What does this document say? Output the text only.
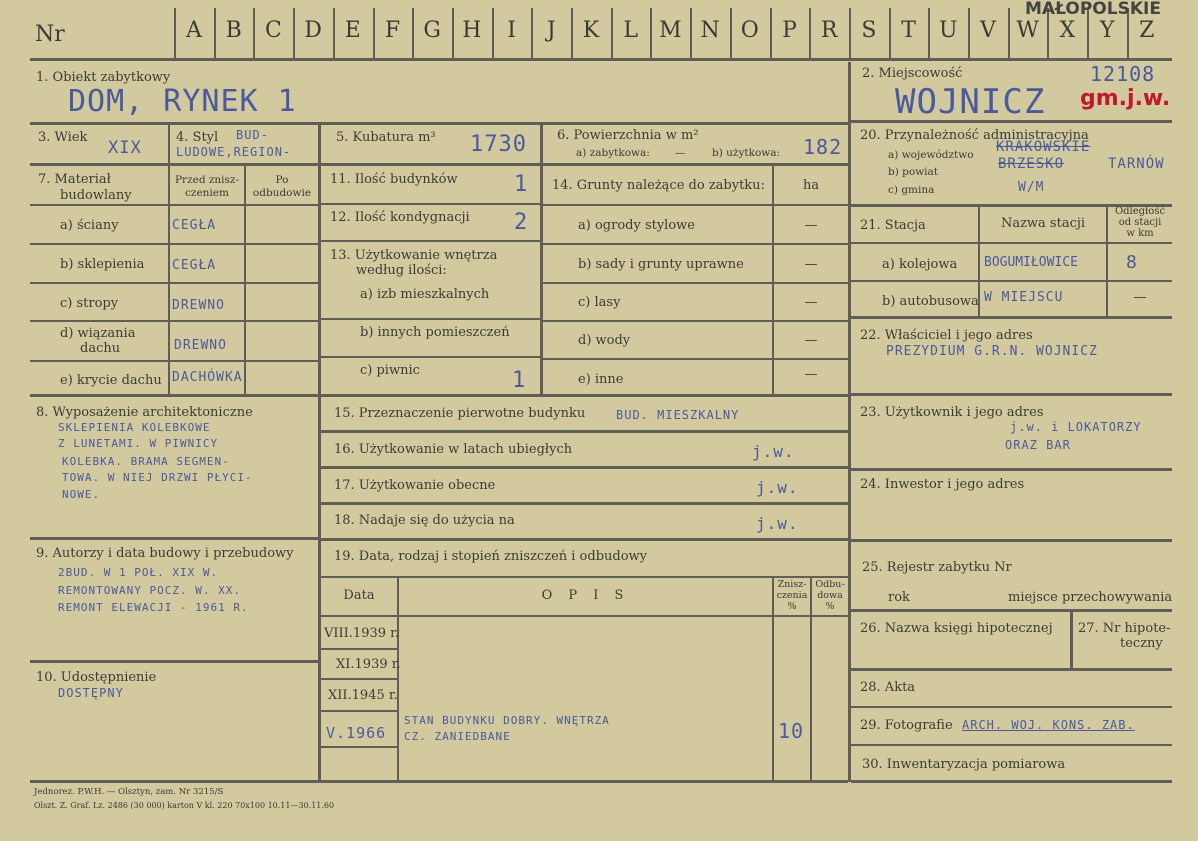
Nr	A	B	C	D	E	F	G H	I	J	K	L M N O	P	R	S	T	U	V W X	Y	Z
MAŁOPOLSKIE
1. Obiekt zabytkowy
DOM, RYNEK 1
2. Miejscowość	12108
WOJNICZ gm.j.w.
3. Wiek
XIX
4. Styl BUD-
LUDOWE,REGION-
5. Kubatura m³ 1730 6. Powierzchnia w m²
a) zabytkowa: —	b) użytkowa: 182
7. Materiał
budowlany
Przed znisz-
czeniem
Po
odbudowie
a) ściany	CEGŁA
b) sklepienia CEGŁA
c) stropy	DREWNO
d) wiązania
dachu	DREWNO
e) krycie dachu DACHÓWKA
11. Ilość budynków	1
12. Ilość kondygnacji 2
13. Użytkowanie wnętrza
według ilości:
a) izb mieszkalnych
b) innych pomieszczeń
c) piwnic	1
14. Grunty należące do zabytku:	ha
a) ogrody stylowe	—
b) sady i grunty uprawne	—
c) lasy	—
d) wody	—
e) inne	—
20. Przynależność administracyjna
a) województwo KRAKOWSKIE
b) powiat	BRZESKO	TARNÓW
c) gmina	W/M
21. Stacja	Nazwa stacji
Odległość
od stacji
w km
a) kolejowa BOGUMIŁOWICE	8
b) autobusowa W MIEJSCU	—
22. Właściciel i jego adres
PREZYDIUM G.R.N. WOJNICZ
23. Użytkownik i jego adres
j.w. i LOKATORZY
ORAZ BAR
24. Inwestor i jego adres
25. Rejestr zabytku Nr
rok	miejsce przechowywania
26. Nazwa księgi hipotecznej 27. Nr hipote-
teczny
28. Akta
29. Fotografie ARCH. WOJ. KONS. ZAB.
30. Inwentaryzacja pomiarowa
8. Wyposażenie architektoniczne
SKLEPIENIA KOLEBKOWE
Z LUNETAMI. W PIWNICY
KOLEBKA. BRAMA SEGMEN-
TOWA. W NIEJ DRZWI PŁYCI-
NOWE.
9. Autorzy i data budowy i przebudowy
2BUD. W 1 POŁ. XIX W.
REMONTOWANY POCZ. W. XX.
REMONT ELEWACJI - 1961 R.
10. Udostępnienie
DOSTĘPNY
15. Przeznaczenie pierwotne budynku	BUD. MIESZKALNY
16. Użytkowanie w latach ubiegłych	j.w.
17. Użytkowanie obecne	j.w.
18. Nadaje się do użycia na	j.w.
19. Data, rodzaj i stopień zniszczeń i odbudowy
Data	O P I S
Znisz-
czenia
%
Odbu-
dowa
%
VIII.1939 r.
XI.1939 r.
XII.1945 r.
V.1966
STAN BUDYNKU DOBRY. WNĘTRZA
CZ. ZANIEDBANE	10
Jednorez. P.W.H. — Olsztyn, zam. Nr 3215/S
Olszt. Z. Graf. Lz. 2486 (30 000) karton V kl. 220 70x100 10.11—30.11.60
